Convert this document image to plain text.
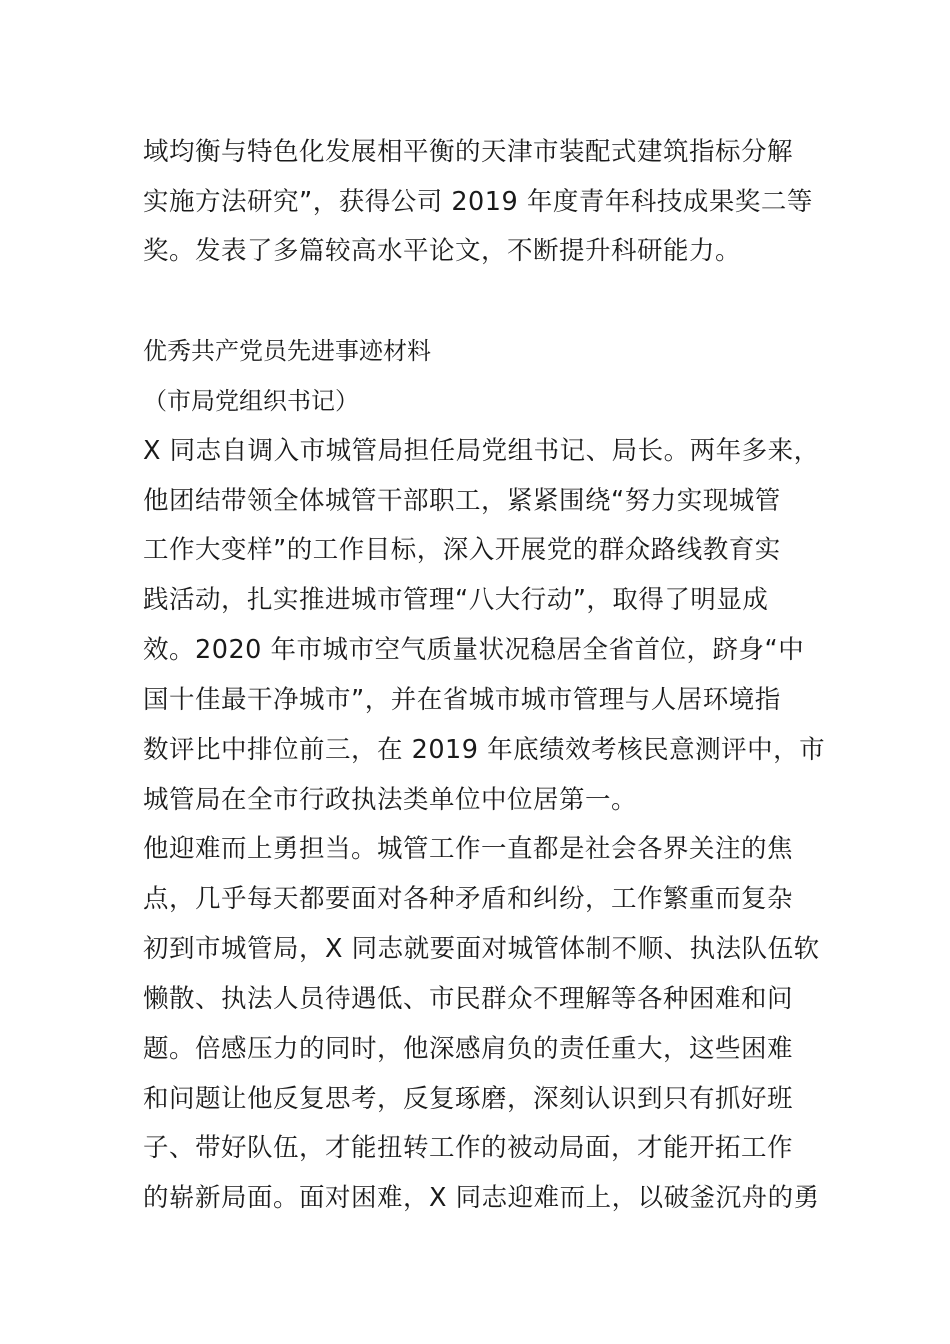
域均衡与特色化发展相平衡的天津市装配式建筑指标分解
实施方法研究”，获得公司 2019 年度青年科技成果奖二等
奖。发表了多篇较高水平论文，不断提升科研能力。
优秀共产党员先进事迹材料
（市局党组织书记）
X 同志自调入市城管局担任局党组书记、局长。两年多来，
他团结带领全体城管干部职工，紧紧围绕“努力实现城管
工作大变样”的工作目标，深入开展党的群众路线教育实
践活动，扎实推进城市管理“八大行动”，取得了明显成
效。2020 年市城市空气质量状况稳居全省首位，跻身“中
国十佳最干净城市”，并在省城市城市管理与人居环境指
数评比中排位前三，在 2019 年底绩效考核民意测评中，市
城管局在全市行政执法类单位中位居第一。
他迎难而上勇担当。城管工作一直都是社会各界关注的焦
点，几乎每天都要面对各种矛盾和纠纷，工作繁重而复杂
初到市城管局，X 同志就要面对城管体制不顺、执法队伍软
懒散、执法人员待遇低、市民群众不理解等各种困难和问
题。倍感压力的同时，他深感肩负的责任重大，这些困难
和问题让他反复思考，反复琢磨，深刻认识到只有抓好班
子、带好队伍，才能扭转工作的被动局面，才能开拓工作
的崭新局面。面对困难，X 同志迎难而上，以破釜沉舟的勇
